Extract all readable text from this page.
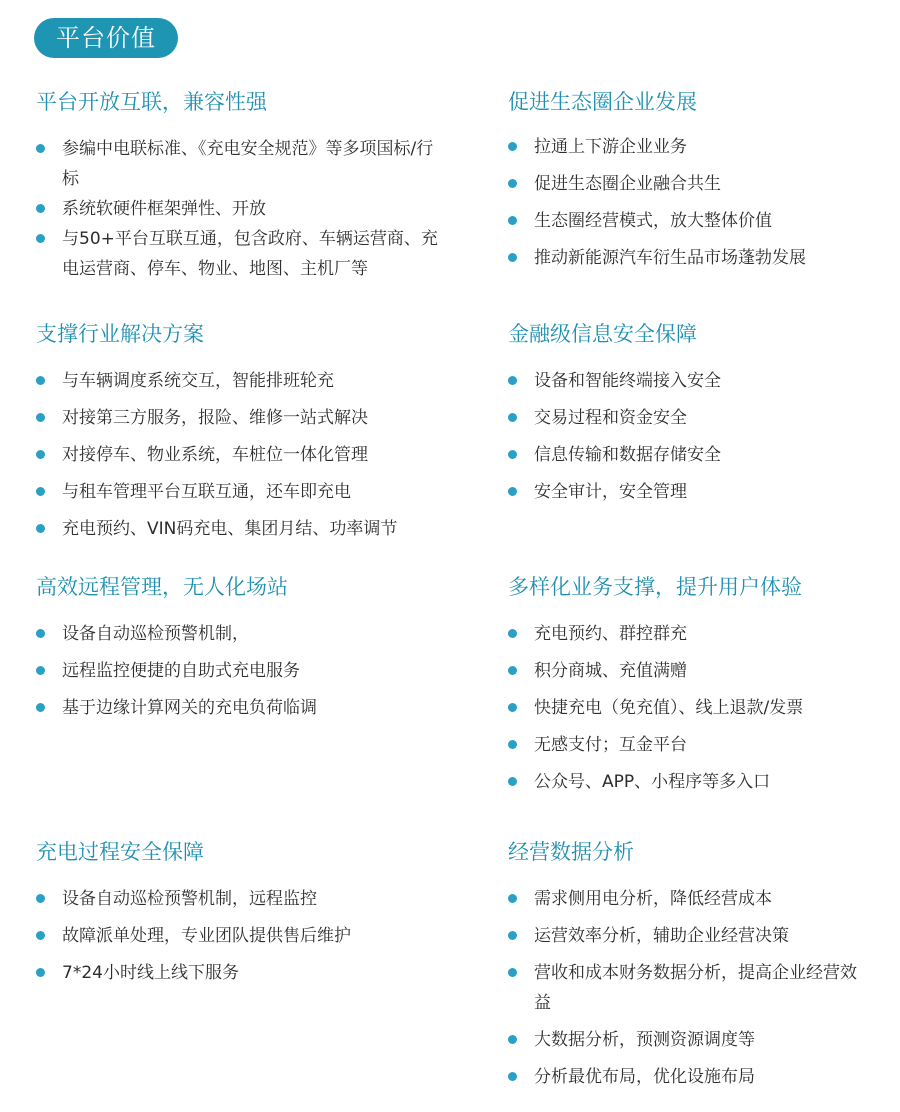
平台价值
平台开放互联，兼容性强
参编中电联标准、《充电安全规范》等多项国标/行标
系统软硬件框架弹性、开放
与50+平台互联互通，包含政府、车辆运营商、充电运营商、停车、物业、地图、主机厂等
促进生态圈企业发展
拉通上下游企业业务
促进生态圈企业融合共生
生态圈经营模式，放大整体价值
推动新能源汽车衍生品市场蓬勃发展
支撑行业解决方案
与车辆调度系统交互，智能排班轮充
对接第三方服务，报险、维修一站式解决
对接停车、物业系统，车桩位一体化管理
与租车管理平台互联互通，还车即充电
充电预约、VIN码充电、集团月结、功率调节
金融级信息安全保障
设备和智能终端接入安全
交易过程和资金安全
信息传输和数据存储安全
安全审计，安全管理
高效远程管理，无人化场站
设备自动巡检预警机制，
远程监控便捷的自助式充电服务
基于边缘计算网关的充电负荷临调
多样化业务支撑，提升用户体验
充电预约、群控群充
积分商城、充值满赠
快捷充电（免充值）、线上退款/发票
无感支付；互金平台
公众号、APP、小程序等多入口
充电过程安全保障
设备自动巡检预警机制，远程监控
故障派单处理，专业团队提供售后维护
7*24小时线上线下服务
经营数据分析
需求侧用电分析，降低经营成本
运营效率分析，辅助企业经营决策
营收和成本财务数据分析，提高企业经营效益
大数据分析，预测资源调度等
分析最优布局，优化设施布局
